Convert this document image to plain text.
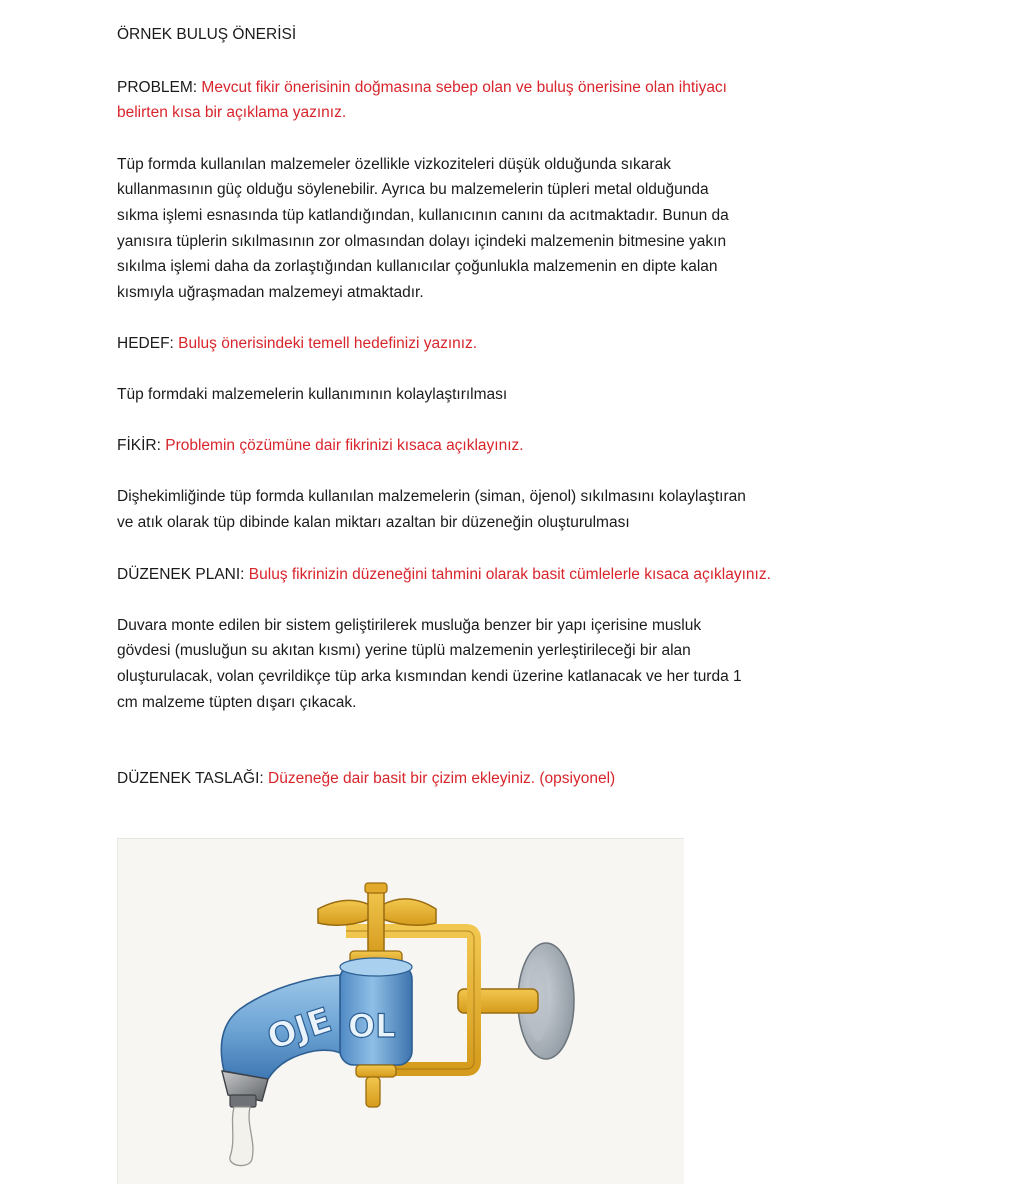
ÖRNEK BULUŞ ÖNERİSİ
PROBLEM: Mevcut fikir önerisinin doğmasına sebep olan ve buluş önerisine olan ihtiyacı
belirten kısa bir açıklama yazınız.
Tüp formda kullanılan malzemeler özellikle vizkoziteleri düşük olduğunda sıkarak
kullanmasının güç olduğu söylenebilir. Ayrıca bu malzemelerin tüpleri metal olduğunda
sıkma işlemi esnasında tüp katlandığından, kullanıcının canını da acıtmaktadır. Bunun da
yanısıra tüplerin sıkılmasının zor olmasından dolayı içindeki malzemenin bitmesine yakın
sıkılma işlemi daha da zorlaştığından kullanıcılar çoğunlukla malzemenin en dipte kalan
kısmıyla uğraşmadan malzemeyi atmaktadır.
HEDEF: Buluş önerisindeki temell hedefinizi yazınız.
Tüp formdaki malzemelerin kullanımının kolaylaştırılması
FİKİR: Problemin çözümüne dair fikrinizi kısaca açıklayınız.
Dişhekimliğinde tüp formda kullanılan malzemelerin (siman, öjenol) sıkılmasını kolaylaştıran
ve atık olarak tüp dibinde kalan miktarı azaltan bir düzeneğin oluşturulması
DÜZENEK PLANI: Buluş fikrinizin düzeneğini tahmini olarak basit cümlelerle kısaca açıklayınız.
Duvara monte edilen bir sistem geliştirilerek musluğa benzer bir yapı içerisine musluk
gövdesi (musluğun su akıtan kısmı) yerine tüplü malzemenin yerleştirileceği bir alan
oluşturulacak, volan çevrildikçe tüp arka kısmından kendi üzerine katlanacak ve her turda 1
cm malzeme tüpten dışarı çıkacak.
DÜZENEK TASLAĞI: Düzeneğe dair basit bir çizim ekleyiniz. (opsiyonel)
OL
OJE
